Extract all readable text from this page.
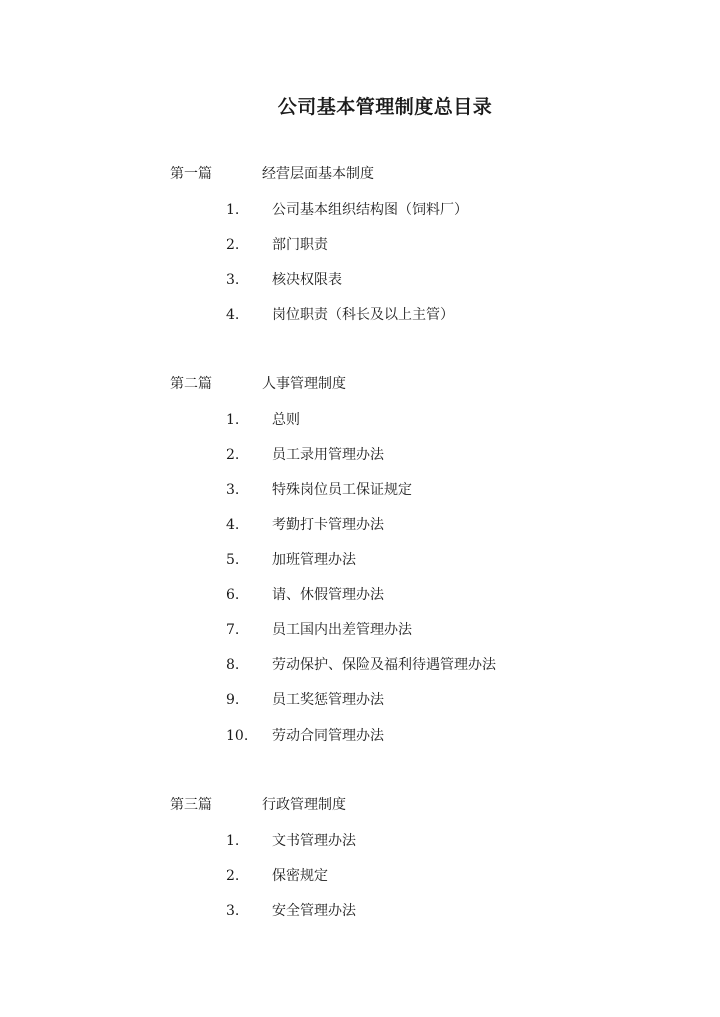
公司基本管理制度总目录
第一篇	经营层面基本制度
1.	公司基本组织结构图（饲料厂）
2.	部门职责
3.	核决权限表
4.	岗位职责（科长及以上主管）
第二篇	人事管理制度
1.	总则
2.	员工录用管理办法
3.	特殊岗位员工保证规定
4.	考勤打卡管理办法
5.	加班管理办法
6.	请、休假管理办法
7.	员工国内出差管理办法
8.	劳动保护、保险及福利待遇管理办法
9.	员工奖惩管理办法
10.	劳动合同管理办法
第三篇	行政管理制度
1.	文书管理办法
2.	保密规定
3.	安全管理办法
